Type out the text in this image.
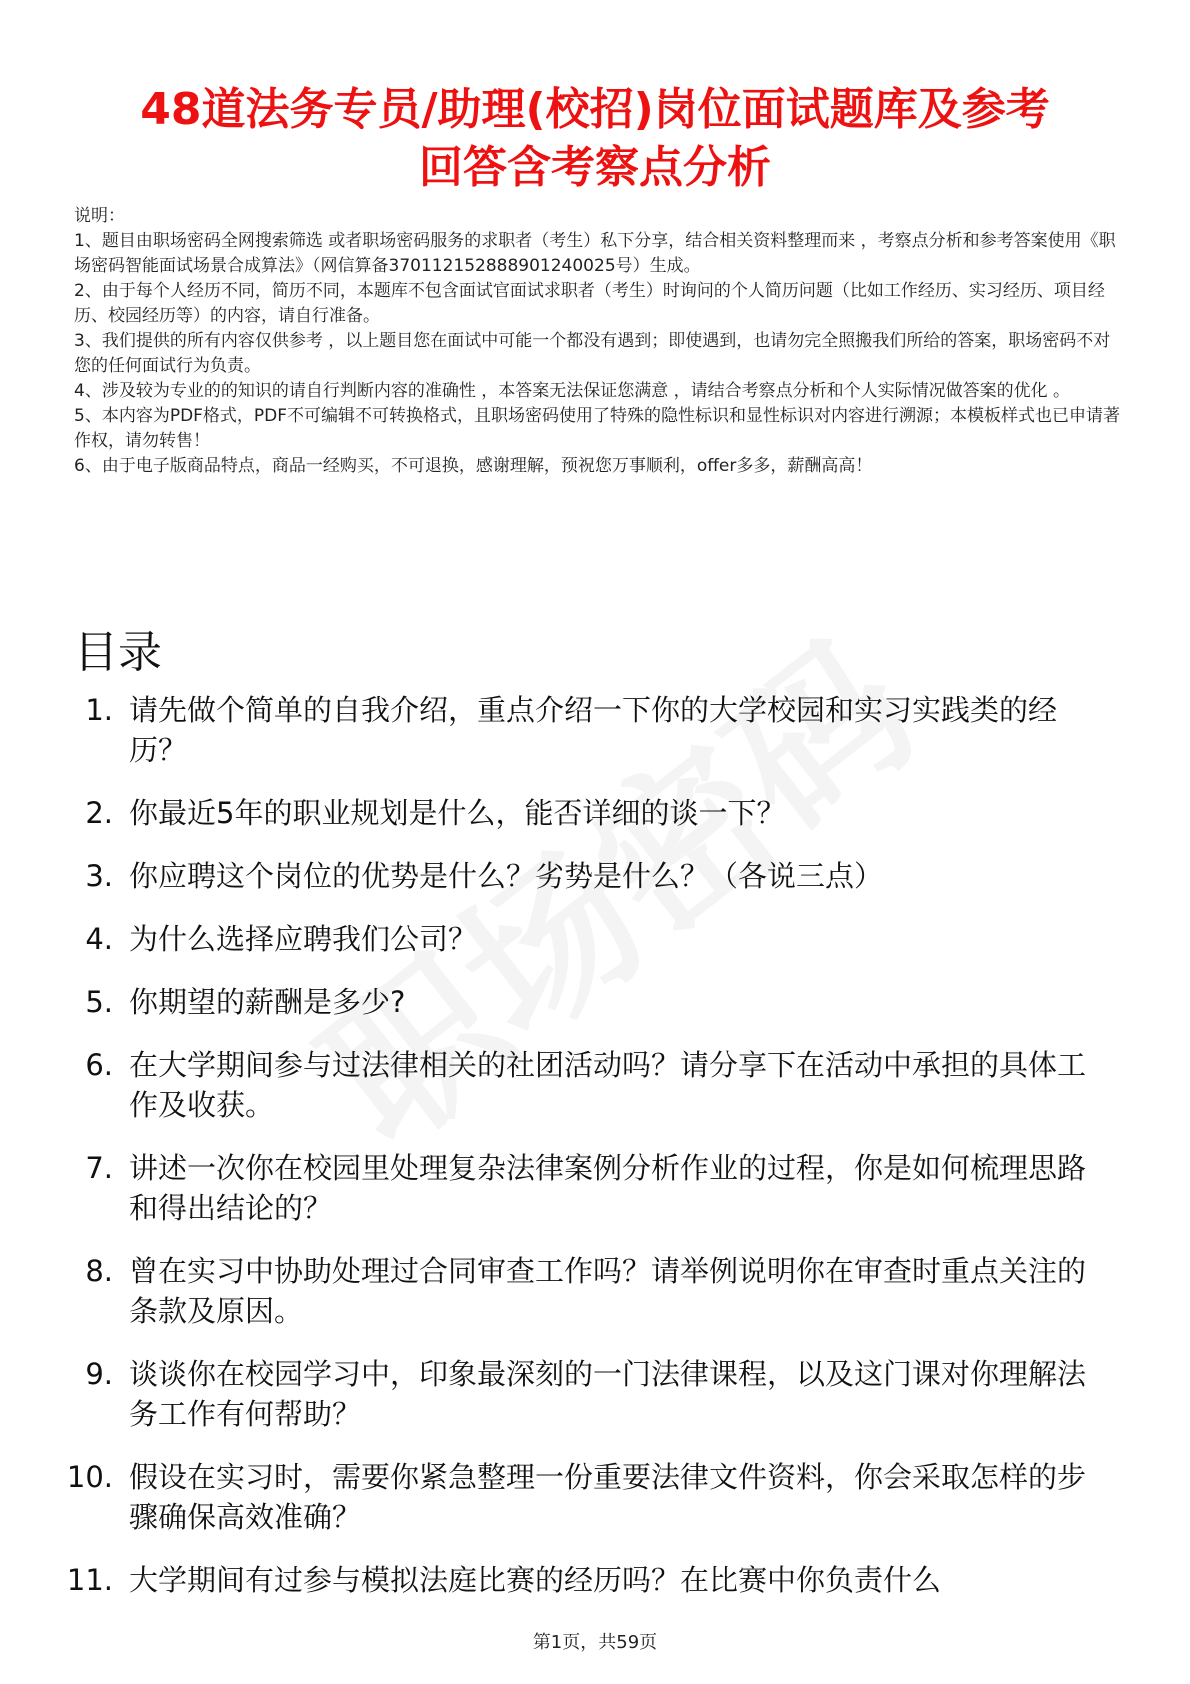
48道法务专员/助理(校招)岗位面试题库及参考
回答含考察点分析
说明：
1、题目由职场密码全网搜索筛选 或者职场密码服务的求职者（考生）私下分享，结合相关资料整理而来 ，考察点分析和参考答案使用《职场密码智能面试场景合成算法》（网信算备370112152888901240025号）生成。
2、由于每个人经历不同，简历不同，本题库不包含面试官面试求职者（考生）时询问的个人简历问题（比如工作经历、实习经历、项目经历、校园经历等）的内容，请自行准备。
3、我们提供的所有内容仅供参考 ，以上题目您在面试中可能一个都没有遇到；即使遇到，也请勿完全照搬我们所给的答案，职场密码不对您的任何面试行为负责。
4、涉及较为专业的的知识的请自行判断内容的准确性 ，本答案无法保证您满意 ，请结合考察点分析和个人实际情况做答案的优化 。
5、本内容为PDF格式，PDF不可编辑不可转换格式，且职场密码使用了特殊的隐性标识和显性标识对内容进行溯源；本模板样式也已申请著作权，请勿转售！
6、由于电子版商品特点，商品一经购买，不可退换，感谢理解，预祝您万事顺利，offer多多，薪酬高高！
目录
1. 请先做个简单的自我介绍，重点介绍一下你的大学校园和实习实践类的经历？
2. 你最近5年的职业规划是什么，能否详细的谈一下？
3. 你应聘这个岗位的优势是什么？劣势是什么？（各说三点）
4. 为什么选择应聘我们公司？
5. 你期望的薪酬是多少?
6. 在大学期间参与过法律相关的社团活动吗？请分享下在活动中承担的具体工作及收获。
7. 讲述一次你在校园里处理复杂法律案例分析作业的过程，你是如何梳理思路和得出结论的？
8. 曾在实习中协助处理过合同审查工作吗？请举例说明你在审查时重点关注的条款及原因。
9. 谈谈你在校园学习中，印象最深刻的一门法律课程，以及这门课对你理解法务工作有何帮助？
10. 假设在实习时，需要你紧急整理一份重要法律文件资料，你会采取怎样的步骤确保高效准确？
11. 大学期间有过参与模拟法庭比赛的经历吗？在比赛中你负责什么
第1页，共59页
